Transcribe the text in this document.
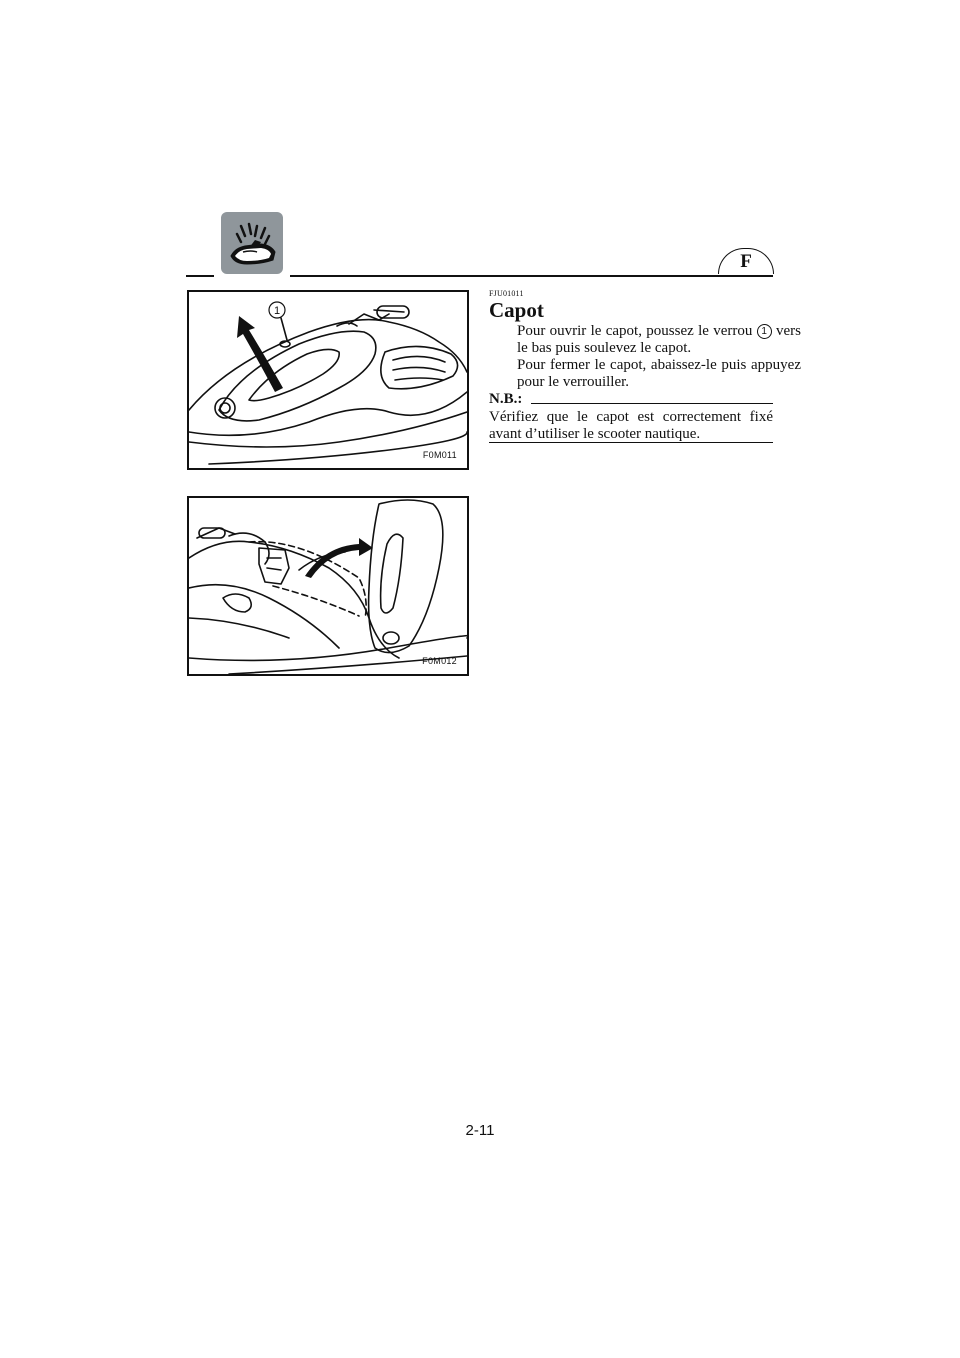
F
1
F0M011
F0M012
FJU01011
Capot

Pour ouvrir le capot, poussez le verrou 1 vers le bas puis soulevez le capot.

Pour fermer le capot, abaissez-le puis appuyez pour le verrouiller.

N.B.:

Vérifiez que le capot est correctement fixé avant d’utiliser le scooter nautique.

2-11
